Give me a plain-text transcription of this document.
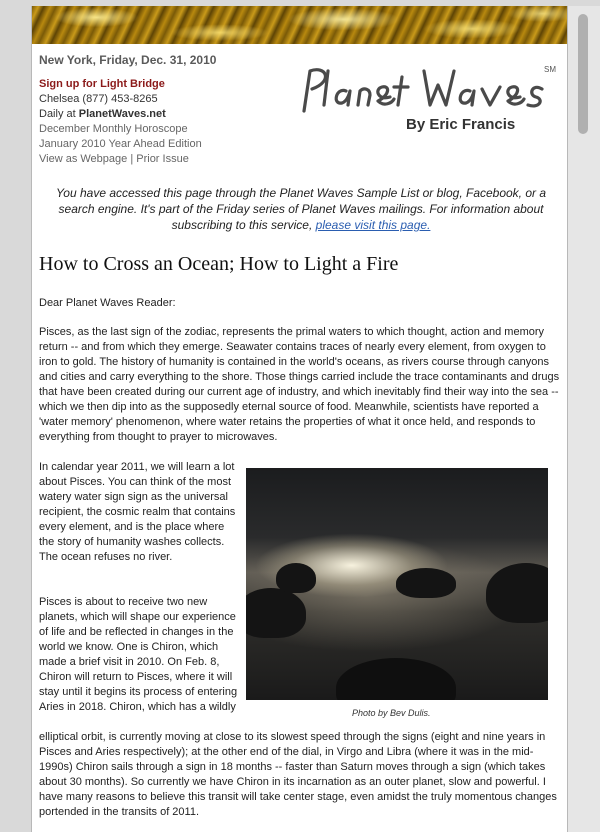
New York, Friday, Dec. 31, 2010
Sign up for Light Bridge
Chelsea (877) 453-8265
Daily at PlanetWaves.net
December Monthly Horoscope
January 2010 Year Ahead Edition
View as Webpage | Prior Issue
SM
By Eric Francis
You have accessed this page through the Planet Waves Sample List or blog, Facebook, or a search engine. It's part of the Friday series of Planet Waves mailings. For information about subscribing to this service, please visit this page.
How to Cross an Ocean; How to Light a Fire
Dear Planet Waves Reader:
Pisces, as the last sign of the zodiac, represents the primal waters to which thought, action and memory return -- and from which they emerge. Seawater contains traces of nearly every element, from oxygen to iron to gold. The history of humanity is contained in the world's oceans, as rivers course through canyons and cities and carry everything to the shore. Those things carried include the trace contaminants and drugs that have been created during our current age of industry, and which inevitably find their way into the sea -- which we then dip into as the supposedly eternal source of food. Meanwhile, scientists have reported a 'water memory' phenomenon, where water retains the properties of what it once held, and responds to everything from thought to prayer to microwaves.
In calendar year 2011, we will learn a lot about Pisces. You can think of the most watery water sign sign as the universal recipient, the cosmic realm that contains every element, and is the place where the story of humanity washes collects. The ocean refuses no river.
Pisces is about to receive two new planets, which will shape our experience of life and be reflected in changes in the world we know. One is Chiron, which made a brief visit in 2010. On Feb. 8, Chiron will return to Pisces, where it will stay until it begins its process of entering Aries in 2018. Chiron, which has a wildly
elliptical orbit, is currently moving at close to its slowest speed through the signs (eight and nine years in Pisces and Aries respectively); at the other end of the dial, in Virgo and Libra (where it was in the mid-1990s) Chiron sails through a sign in 18 months -- faster than Saturn moves through a sign (which takes about 30 months). So currently we have Chiron in its incarnation as an outer planet, slow and powerful. I have many reasons to believe this transit will take center stage, even amidst the truly momentous changes portended in the transits of 2011.
Photo by Bev Dulis.
